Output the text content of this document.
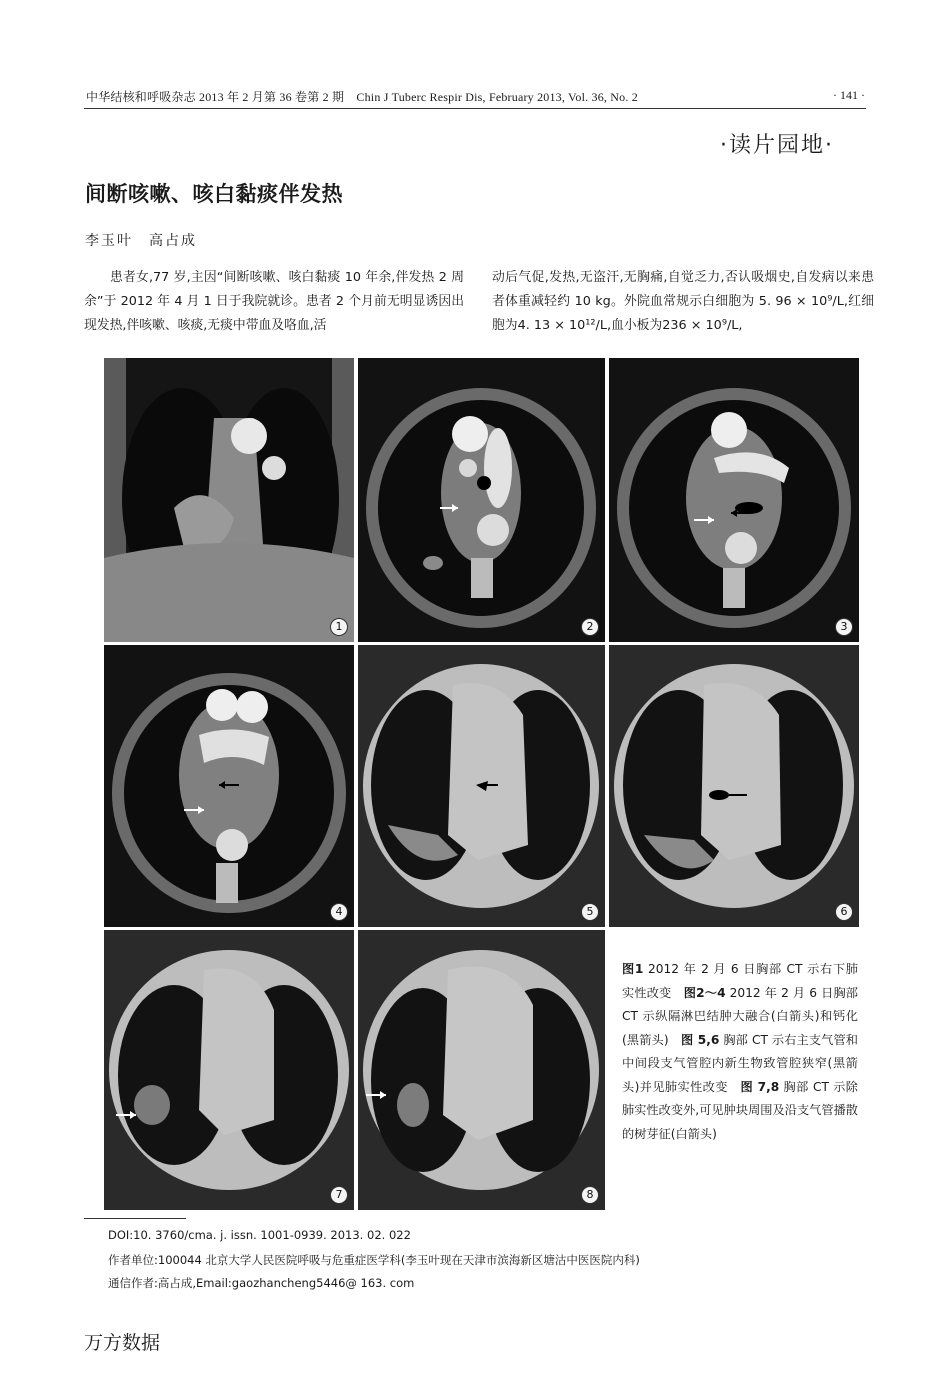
中华结核和呼吸杂志 2013 年 2 月第 36 卷第 2 期　Chin J Tuberc Respir Dis, February 2013, Vol. 36, No. 2	· 141 ·
·读片园地·
间断咳嗽、咳白黏痰伴发热
李玉叶　高占成
患者女,77 岁,主因“间断咳嗽、咳白黏痰 10 年余,伴发热 2 周余”于 2012 年 4 月 1 日于我院就诊。患者 2 个月前无明显诱因出现发热,伴咳嗽、咳痰,无痰中带血及咯血,活
动后气促,发热,无盗汗,无胸痛,自觉乏力,否认吸烟史,自发病以来患者体重减轻约 10 kg。外院血常规示白细胞为 5. 96 × 10⁹/L,红细胞为4. 13 × 10¹²/L,血小板为236 × 10⁹/L,
1	2	3
4	5	6
7	8
图1 2012 年 2 月 6 日胸部 CT 示右下肺实性改变　图2～4 2012 年 2 月 6 日胸部 CT 示纵隔淋巴结肿大融合(白箭头)和钙化(黑箭头)　图 5,6 胸部 CT 示右主支气管和中间段支气管腔内新生物致管腔狭窄(黑箭头)并见肺实性改变　图 7,8 胸部 CT 示除肺实性改变外,可见肿块周围及沿支气管播散的树芽征(白箭头)
DOI:10. 3760/cma. j. issn. 1001-0939. 2013. 02. 022
作者单位:100044 北京大学人民医院呼吸与危重症医学科(李玉叶现在天津市滨海新区塘沽中医医院内科)
通信作者:高占成,Email:gaozhancheng5446@ 163. com
万方数据
